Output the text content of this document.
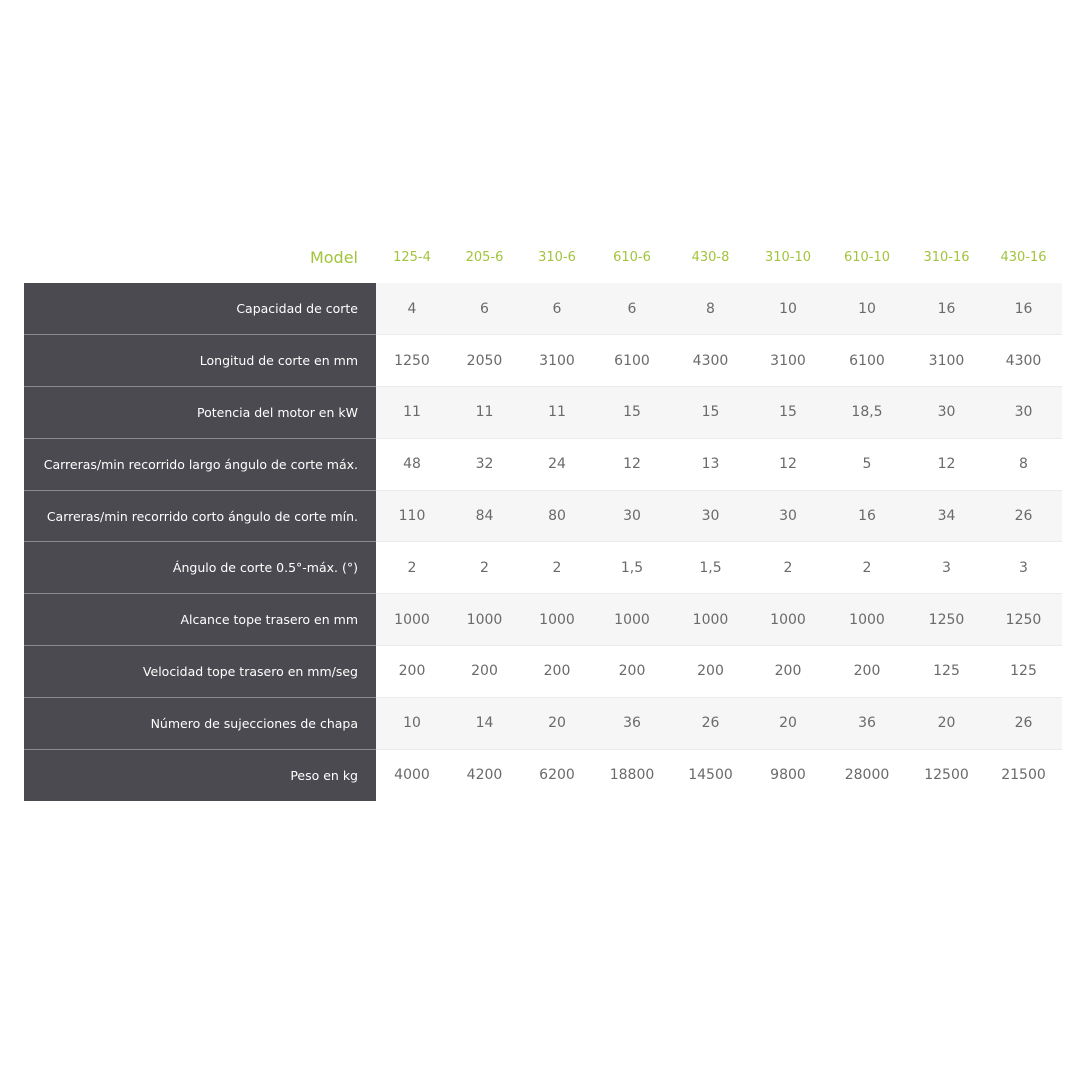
Model	125-4	205-6	310-6	610-6	430-8	310-10	610-10	310-16	430-16
Capacidad de corte	4	6	6	6	8	10	10	16	16
Longitud de corte en mm	1250	2050	3100	6100	4300	3100	6100	3100	4300
Potencia del motor en kW	11	11	11	15	15	15	18,5	30	30
Carreras/min recorrido largo ángulo de corte máx.	48	32	24	12	13	12	5	12	8
Carreras/min recorrido corto ángulo de corte mín.	110	84	80	30	30	30	16	34	26
Ángulo de corte 0.5°-máx. (°)	2	2	2	1,5	1,5	2	2	3	3
Alcance tope trasero en mm	1000	1000	1000	1000	1000	1000	1000	1250	1250
Velocidad tope trasero en mm/seg	200	200	200	200	200	200	200	125	125
Número de sujecciones de chapa	10	14	20	36	26	20	36	20	26
Peso en kg	4000	4200	6200	18800	14500	9800	28000	12500	21500
